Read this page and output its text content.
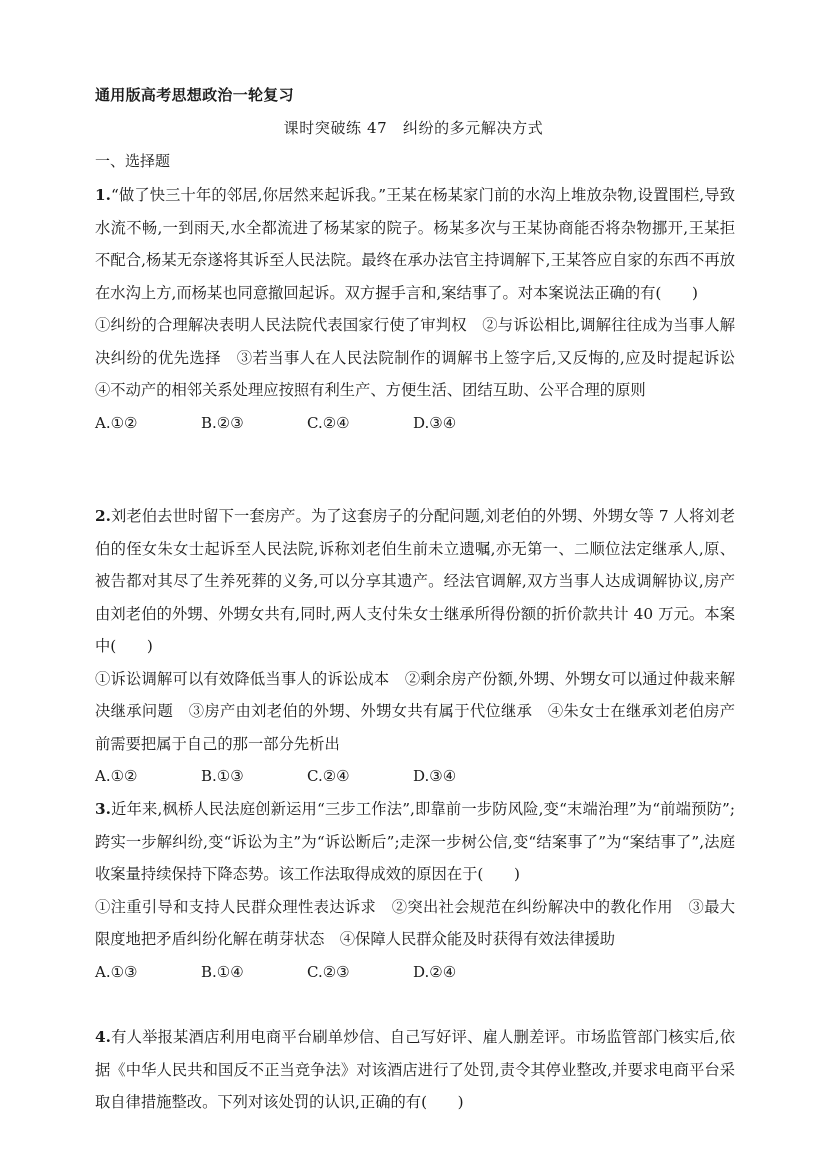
通用版高考思想政治一轮复习
课时突破练 47　纠纷的多元解决方式
一、选择题

1.“做了快三十年的邻居,你居然来起诉我。”王某在杨某家门前的水沟上堆放杂物,设置围栏,导致水流不畅,一到雨天,水全都流进了杨某家的院子。杨某多次与王某协商能否将杂物挪开,王某拒不配合,杨某无奈遂将其诉至人民法院。最终在承办法官主持调解下,王某答应自家的东西不再放在水沟上方,而杨某也同意撤回起诉。双方握手言和,案结事了。对本案说法正确的有(　　)

①纠纷的合理解决表明人民法院代表国家行使了审判权　②与诉讼相比,调解往往成为当事人解决纠纷的优先选择　③若当事人在人民法院制作的调解书上签字后,又反悔的,应及时提起诉讼　④不动产的相邻关系处理应按照有利生产、方便生活、团结互助、公平合理的原则

A.①②	B.②③	C.②④	D.③④

2.刘老伯去世时留下一套房产。为了这套房子的分配问题,刘老伯的外甥、外甥女等 7 人将刘老伯的侄女朱女士起诉至人民法院,诉称刘老伯生前未立遗嘱,亦无第一、二顺位法定继承人,原、被告都对其尽了生养死葬的义务,可以分享其遗产。经法官调解,双方当事人达成调解协议,房产由刘老伯的外甥、外甥女共有,同时,两人支付朱女士继承所得份额的折价款共计 40 万元。本案中(　　)

①诉讼调解可以有效降低当事人的诉讼成本　②剩余房产份额,外甥、外甥女可以通过仲裁来解决继承问题　③房产由刘老伯的外甥、外甥女共有属于代位继承　④朱女士在继承刘老伯房产前需要把属于自己的那一部分先析出

A.①②	B.①③	C.②④	D.③④

3.近年来,枫桥人民法庭创新运用“三步工作法”,即靠前一步防风险,变“末端治理”为“前端预防”;跨实一步解纠纷,变“诉讼为主”为“诉讼断后”;走深一步树公信,变“结案事了”为“案结事了”,法庭收案量持续保持下降态势。该工作法取得成效的原因在于(　　)

①注重引导和支持人民群众理性表达诉求　②突出社会规范在纠纷解决中的教化作用　③最大限度地把矛盾纠纷化解在萌芽状态　④保障人民群众能及时获得有效法律援助

A.①③	B.①④	C.②③	D.②④

4.有人举报某酒店利用电商平台刷单炒信、自己写好评、雇人删差评。市场监管部门核实后,依据《中华人民共和国反不正当竞争法》对该酒店进行了处罚,责令其停业整改,并要求电商平台采取自律措施整改。下列对该处罚的认识,正确的有(　　)
